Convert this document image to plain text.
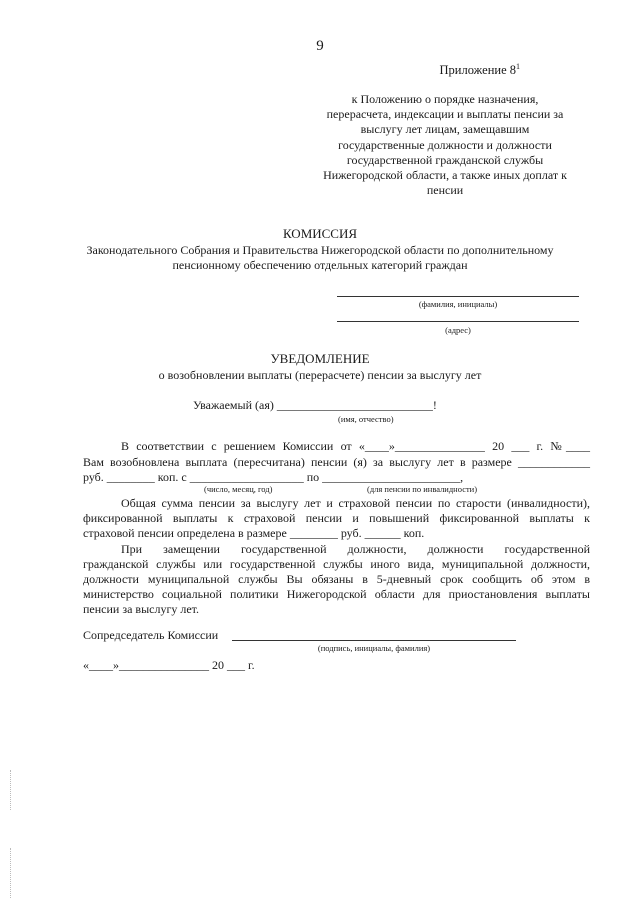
9
Приложение $8^1$
к Положению о порядке назначения,
перерасчета, индексации и выплаты пенсии за
выслугу лет лицам, замещавшим
государственные должности и должности
государственной гражданской службы
Нижегородской области, а также иных доплат к
пенсии
КОМИССИЯ
Законодательного Собрания и Правительства Нижегородской области по дополнительному
пенсионному обеспечению отдельных категорий граждан
(фамилия, инициалы)
(адрес)
УВЕДОМЛЕНИЕ
о возобновлении выплаты (перерасчете) пенсии за выслугу лет
Уважаемый (ая) __________________________!
(имя, отчество)
В соответствии с решением Комиссии от «____»_______________ 20 ___ г. №____
Вам возобновлена выплата (пересчитана) пенсии (я) за выслугу лет в размере ____________
руб. ________ коп. с ___________________ по _______________________,
(число, месяц, год)	(для пенсии по инвалидности)
Общая сумма пенсии за выслугу лет и страховой пенсии по старости (инвалидности),
фиксированной выплаты к страховой пенсии и повышений фиксированной выплаты к
страховой пенсии определена в размере ________ руб. ______ коп.
При замещении государственной должности, должности государственной
гражданской службы или государственной службы иного вида, муниципальной должности,
должности муниципальной службы Вы обязаны в 5-дневный срок сообщить об этом в
министерство социальной политики Нижегородской области для приостановления выплаты
пенсии за выслугу лет.
Сопредседатель Комиссии
(подпись, инициалы, фамилия)
«____»_______________ 20 ___ г.
